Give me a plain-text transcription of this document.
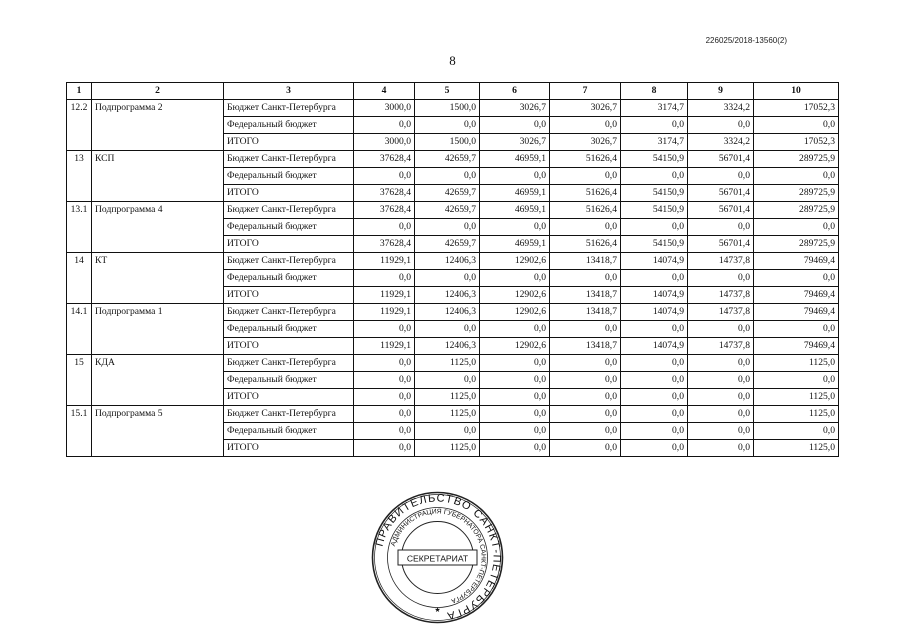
226025/2018-13560(2)
8
1	2	3	4	5	6	7	8	9	10
12.2	Подпрограмма 2	Бюджет Санкт-Петербурга	3000,0	1500,0	3026,7	3026,7	3174,7	3324,2	17052,3
		Федеральный бюджет	0,0	0,0	0,0	0,0	0,0	0,0	0,0
		ИТОГО	3000,0	1500,0	3026,7	3026,7	3174,7	3324,2	17052,3
13	КСП	Бюджет Санкт-Петербурга	37628,4	42659,7	46959,1	51626,4	54150,9	56701,4	289725,9
		Федеральный бюджет	0,0	0,0	0,0	0,0	0,0	0,0	0,0
		ИТОГО	37628,4	42659,7	46959,1	51626,4	54150,9	56701,4	289725,9
13.1	Подпрограмма 4	Бюджет Санкт-Петербурга	37628,4	42659,7	46959,1	51626,4	54150,9	56701,4	289725,9
		Федеральный бюджет	0,0	0,0	0,0	0,0	0,0	0,0	0,0
		ИТОГО	37628,4	42659,7	46959,1	51626,4	54150,9	56701,4	289725,9
14	КТ	Бюджет Санкт-Петербурга	11929,1	12406,3	12902,6	13418,7	14074,9	14737,8	79469,4
		Федеральный бюджет	0,0	0,0	0,0	0,0	0,0	0,0	0,0
		ИТОГО	11929,1	12406,3	12902,6	13418,7	14074,9	14737,8	79469,4
14.1	Подпрограмма 1	Бюджет Санкт-Петербурга	11929,1	12406,3	12902,6	13418,7	14074,9	14737,8	79469,4
		Федеральный бюджет	0,0	0,0	0,0	0,0	0,0	0,0	0,0
		ИТОГО	11929,1	12406,3	12902,6	13418,7	14074,9	14737,8	79469,4
15	КДА	Бюджет Санкт-Петербурга	0,0	1125,0	0,0	0,0	0,0	0,0	1125,0
		Федеральный бюджет	0,0	0,0	0,0	0,0	0,0	0,0	0,0
		ИТОГО	0,0	1125,0	0,0	0,0	0,0	0,0	1125,0
15.1	Подпрограмма 5	Бюджет Санкт-Петербурга	0,0	1125,0	0,0	0,0	0,0	0,0	1125,0
		Федеральный бюджет	0,0	0,0	0,0	0,0	0,0	0,0	0,0
		ИТОГО	0,0	1125,0	0,0	0,0	0,0	0,0	1125,0
ПРАВИТЕЛЬСТВО САНКТ-ПЕТЕРБУРГА
АДМИНИСТРАЦИЯ ГУБЕРНАТОРА САНКТ-ПЕТЕРБУРГА
СЕКРЕТАРИАТ
★
